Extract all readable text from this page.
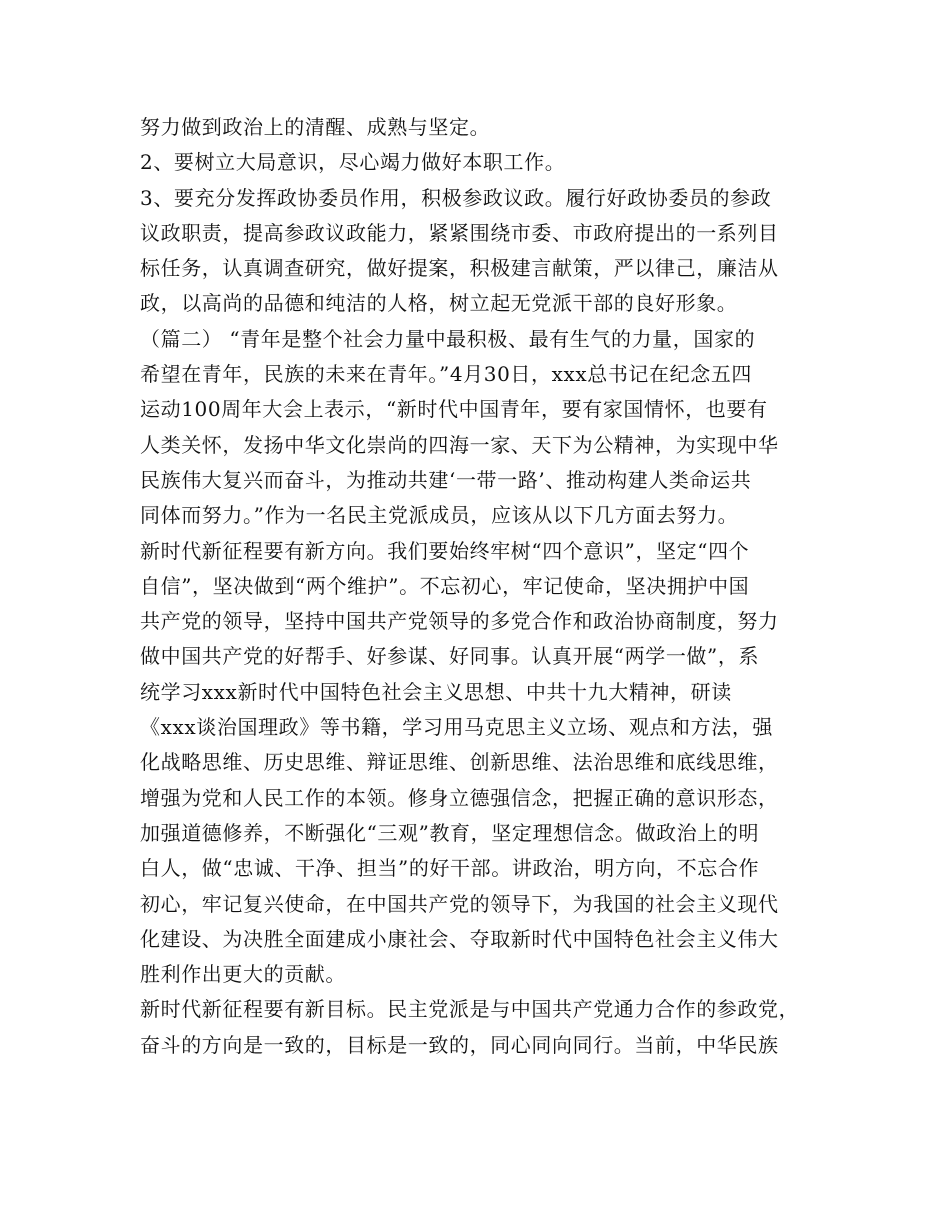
努力做到政治上的清醒、成熟与坚定。
2、要树立大局意识，尽心竭力做好本职工作。
3、要充分发挥政协委员作用，积极参政议政。履行好政协委员的参政
议政职责，提高参政议政能力，紧紧围绕市委、市政府提出的一系列目
标任务，认真调查研究，做好提案，积极建言献策，严以律己，廉洁从
政，以高尚的品德和纯洁的人格，树立起无党派干部的良好形象。
（篇二） “青年是整个社会力量中最积极、最有生气的力量，国家的
希望在青年，民族的未来在青年。”4月30日，xxx总书记在纪念五四
运动100周年大会上表示，“新时代中国青年，要有家国情怀，也要有
人类关怀，发扬中华文化崇尚的四海一家、天下为公精神，为实现中华
民族伟大复兴而奋斗，为推动共建‘一带一路’、推动构建人类命运共
同体而努力。”作为一名民主党派成员，应该从以下几方面去努力。
新时代新征程要有新方向。我们要始终牢树“四个意识”，坚定“四个
自信”，坚决做到“两个维护”。不忘初心，牢记使命，坚决拥护中国
共产党的领导，坚持中国共产党领导的多党合作和政治协商制度，努力
做中国共产党的好帮手、好参谋、好同事。认真开展“两学一做”，系
统学习xxx新时代中国特色社会主义思想、中共十九大精神，研读
《xxx谈治国理政》等书籍，学习用马克思主义立场、观点和方法，强
化战略思维、历史思维、辩证思维、创新思维、法治思维和底线思维，
增强为党和人民工作的本领。修身立德强信念，把握正确的意识形态，
加强道德修养，不断强化“三观”教育，坚定理想信念。做政治上的明
白人，做“忠诚、干净、担当”的好干部。讲政治，明方向，不忘合作
初心，牢记复兴使命，在中国共产党的领导下，为我国的社会主义现代
化建设、为决胜全面建成小康社会、夺取新时代中国特色社会主义伟大
胜利作出更大的贡献。
新时代新征程要有新目标。民主党派是与中国共产党通力合作的参政党，
奋斗的方向是一致的，目标是一致的，同心同向同行。当前，中华民族
